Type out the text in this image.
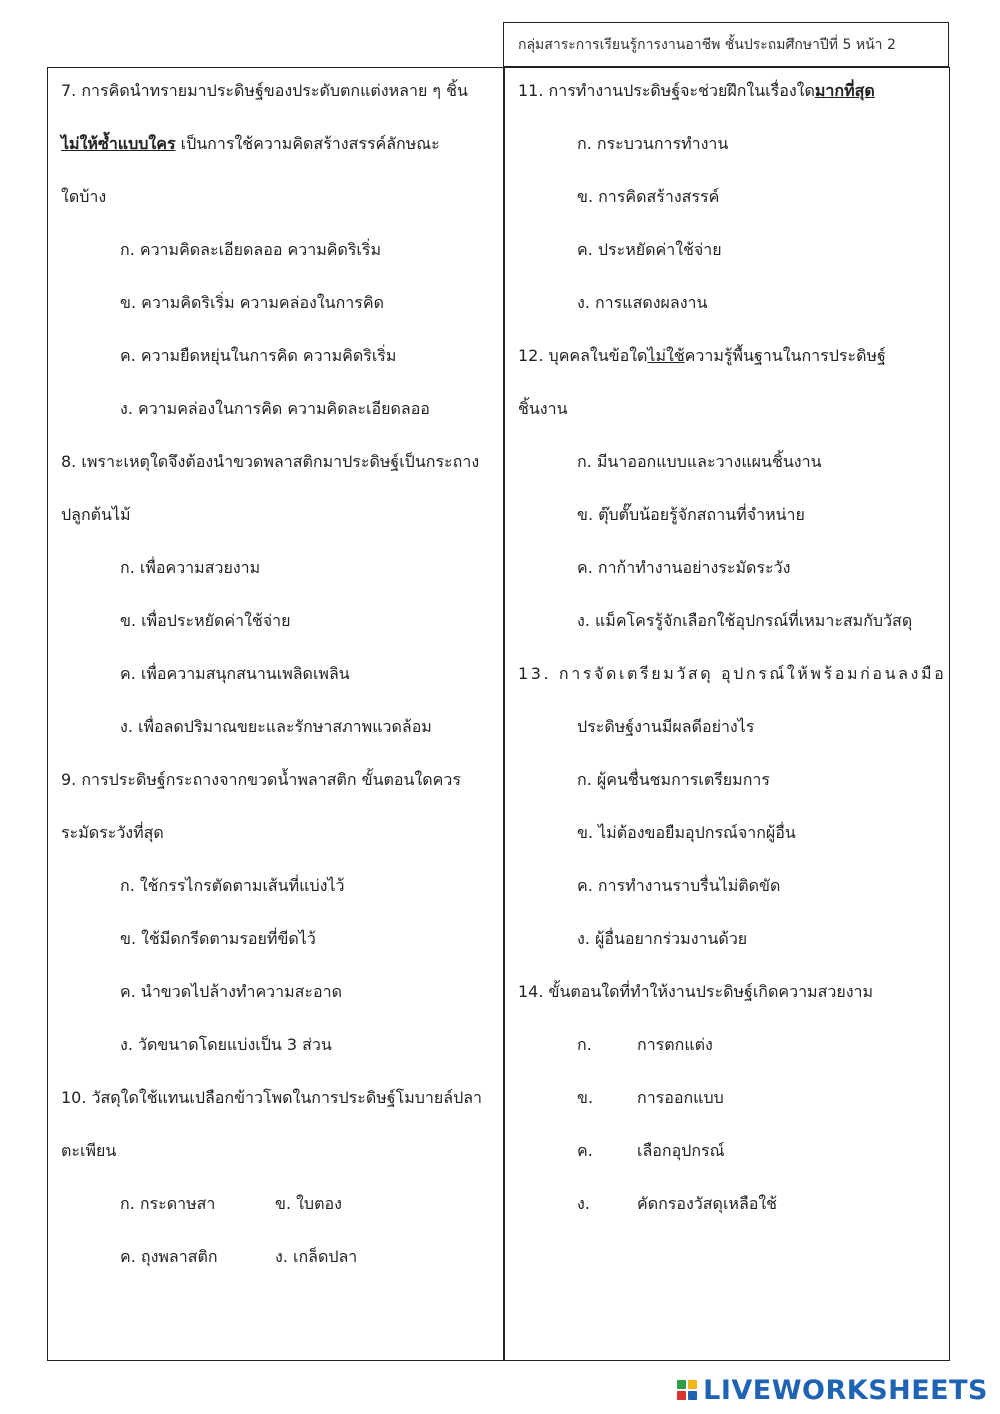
กลุ่มสาระการเรียนรู้การงานอาชีพ ชั้นประถมศึกษาปีที่ 5 หน้า 2
7. การคิดนำทรายมาประดิษฐ์ของประดับตกแต่งหลาย ๆ ชิ้น
ไม่ให้ซ้ำแบบใคร เป็นการใช้ความคิดสร้างสรรค์ลักษณะ
ใดบ้าง
ก. ความคิดละเอียดลออ ความคิดริเริ่ม
ข. ความคิดริเริ่ม ความคล่องในการคิด
ค. ความยืดหยุ่นในการคิด ความคิดริเริ่ม
ง. ความคล่องในการคิด ความคิดละเอียดลออ
8. เพราะเหตุใดจึงต้องนำขวดพลาสติกมาประดิษฐ์เป็นกระถาง
ปลูกต้นไม้
ก. เพื่อความสวยงาม
ข. เพื่อประหยัดค่าใช้จ่าย
ค. เพื่อความสนุกสนานเพลิดเพลิน
ง. เพื่อลดปริมาณขยะและรักษาสภาพแวดล้อม
9. การประดิษฐ์กระถางจากขวดน้ำพลาสติก ขั้นตอนใดควร
ระมัดระวังที่สุด
ก. ใช้กรรไกรตัดตามเส้นที่แบ่งไว้
ข. ใช้มีดกรีดตามรอยที่ขีดไว้
ค. นำขวดไปล้างทำความสะอาด
ง. วัดขนาดโดยแบ่งเป็น 3 ส่วน
10. วัสดุใดใช้แทนเปลือกข้าวโพดในการประดิษฐ์โมบายล์ปลา
ตะเพียน
ก. กระดาษสา	ข. ใบตอง
ค. ถุงพลาสติก	ง. เกล็ดปลา
11. การทำงานประดิษฐ์จะช่วยฝึกในเรื่องใดมากที่สุด
ก. กระบวนการทำงาน
ข. การคิดสร้างสรรค์
ค. ประหยัดค่าใช้จ่าย
ง. การแสดงผลงาน
12. บุคคลในข้อใดไม่ใช้ความรู้พื้นฐานในการประดิษฐ์
ชิ้นงาน
ก. มีนาออกแบบและวางแผนชิ้นงาน
ข. ตุ๊บตั๊บน้อยรู้จักสถานที่จำหน่าย
ค. กาก้าทำงานอย่างระมัดระวัง
ง. แม็คโครรู้จักเลือกใช้อุปกรณ์ที่เหมาะสมกับวัสดุ
13. การจัดเตรียมวัสดุ อุปกรณ์ให้พร้อมก่อนลงมือ
ประดิษฐ์งานมีผลดีอย่างไร
ก. ผู้คนชื่นชมการเตรียมการ
ข. ไม่ต้องขอยืมอุปกรณ์จากผู้อื่น
ค. การทำงานราบรื่นไม่ติดขัด
ง. ผู้อื่นอยากร่วมงานด้วย
14. ขั้นตอนใดที่ทำให้งานประดิษฐ์เกิดความสวยงาม
ก.	การตกแต่ง
ข.	การออกแบบ
ค.	เลือกอุปกรณ์
ง.	คัดกรองวัสดุเหลือใช้
LIVEWORKSHEETS
